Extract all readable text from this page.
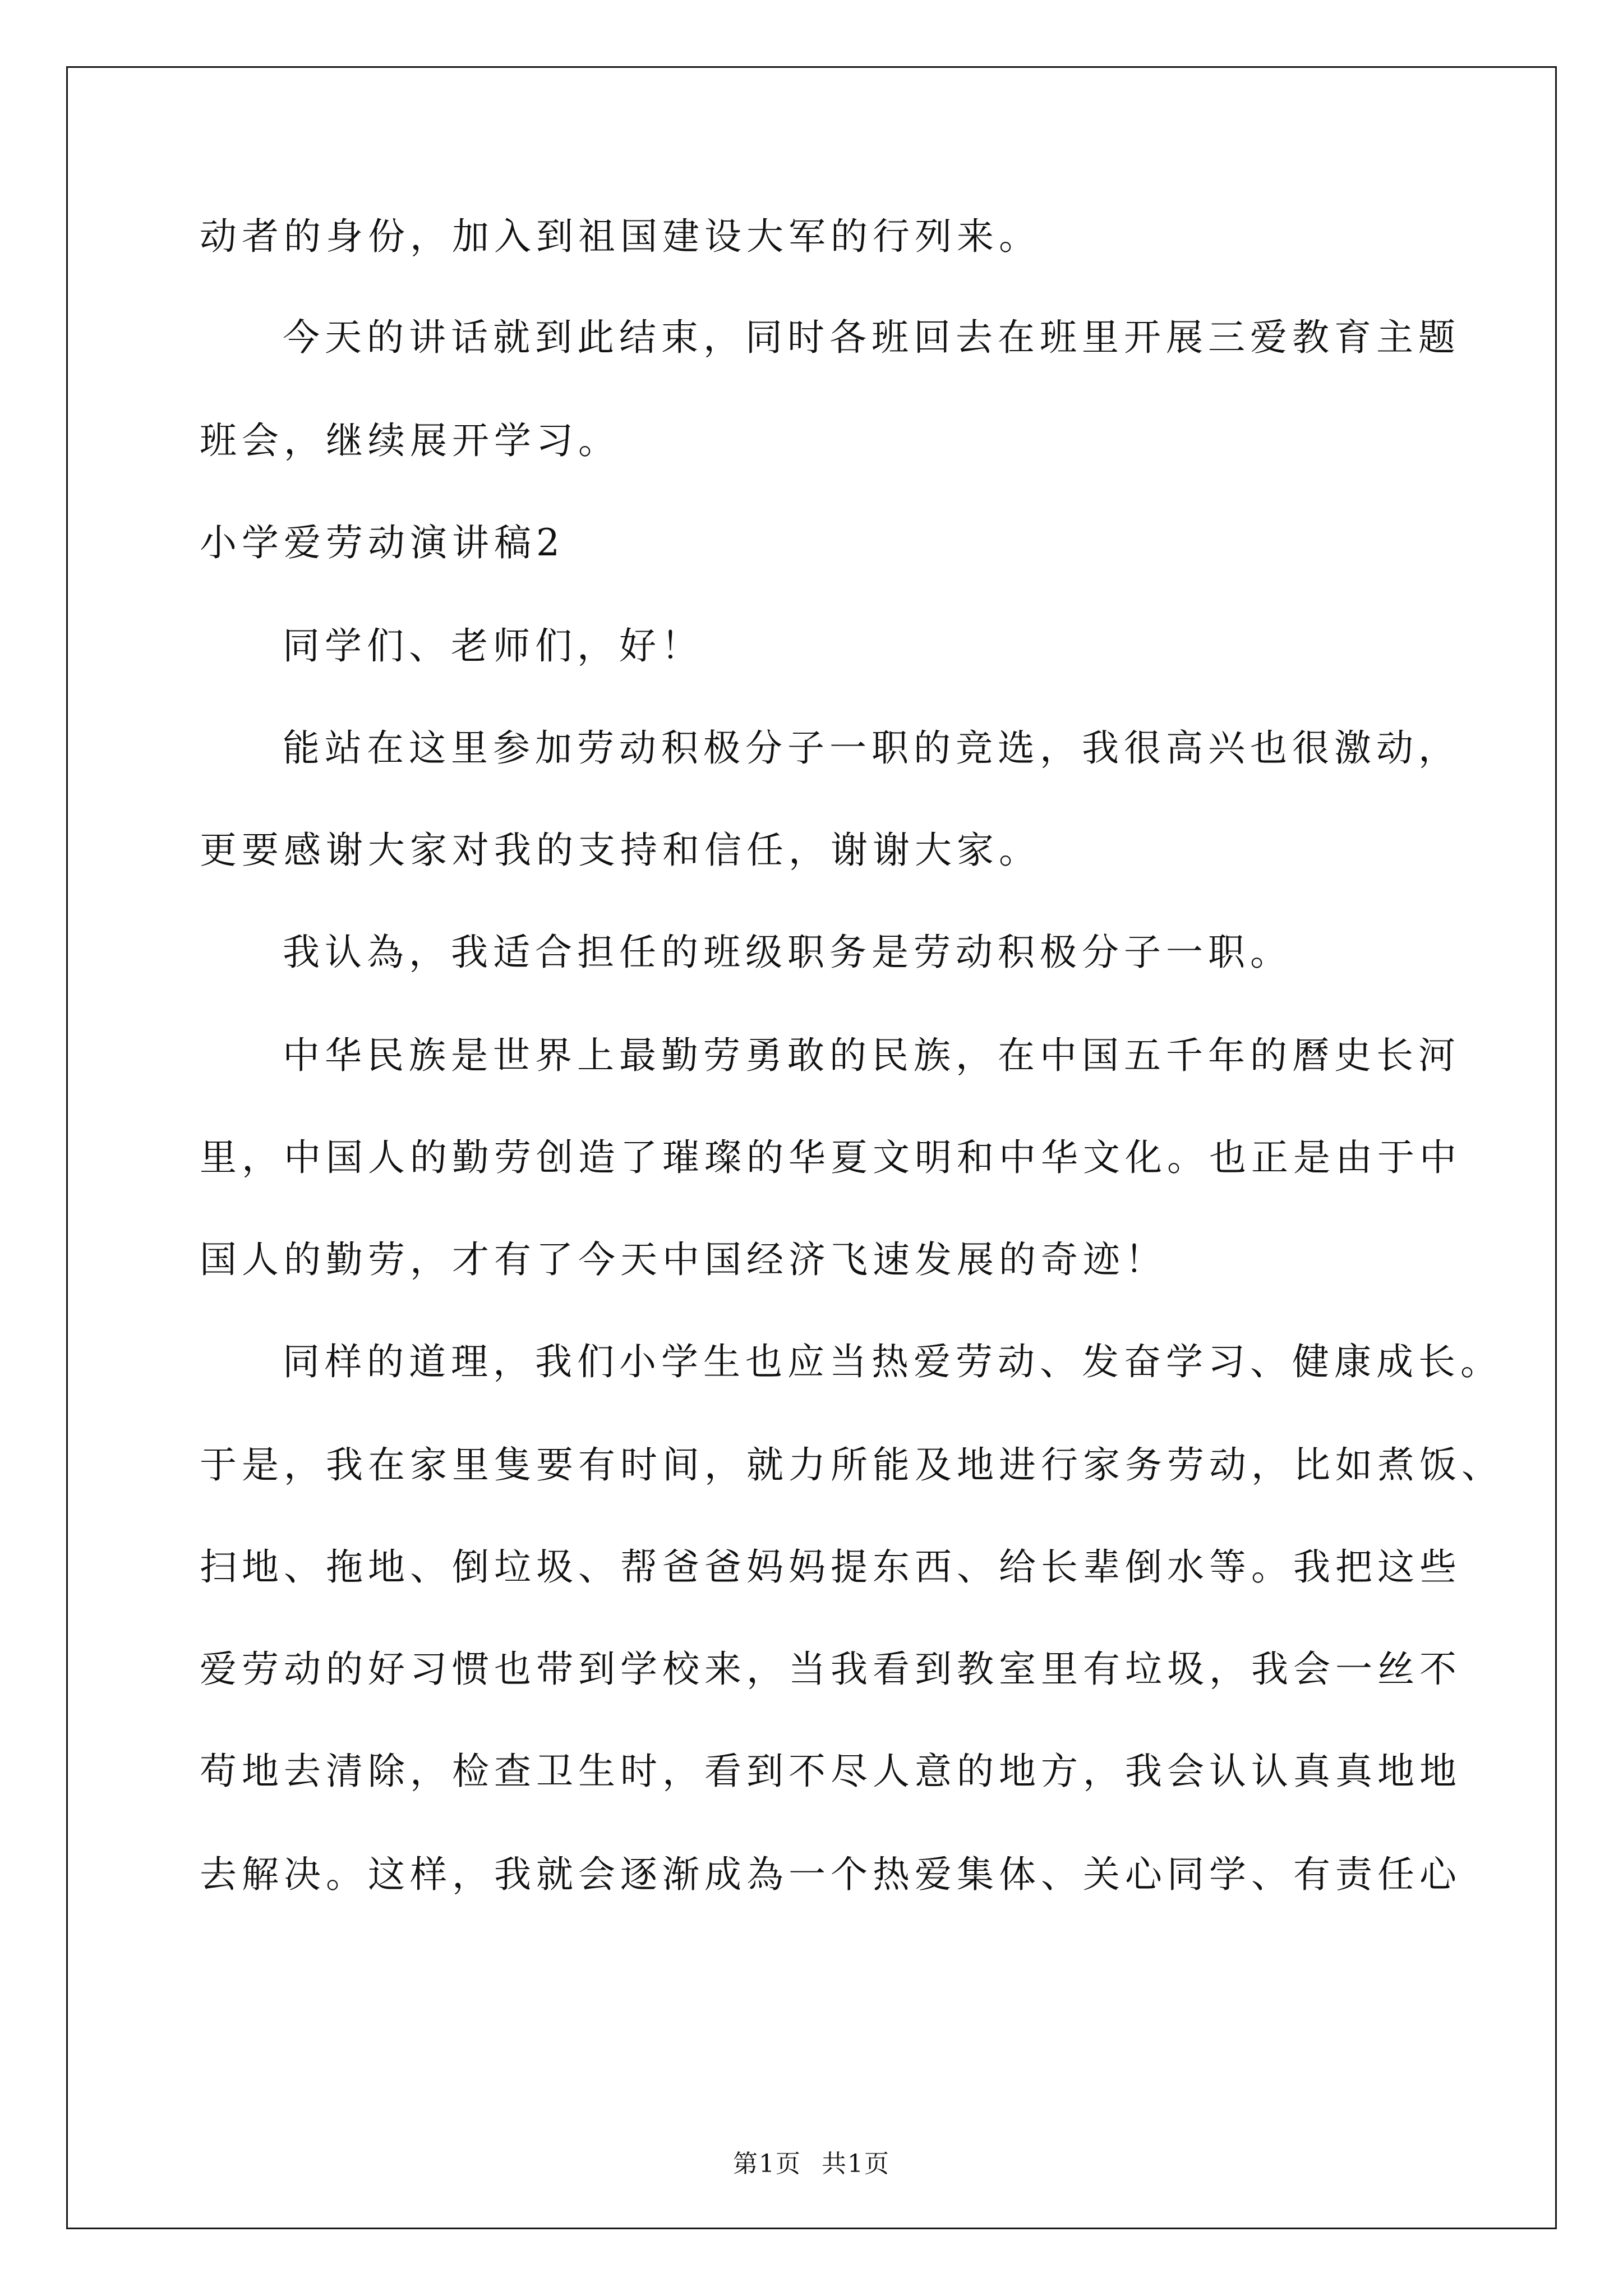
动者的身份，加入到祖国建设大军的行列来。
今天的讲话就到此结束，同时各班回去在班里开展三爱教育主题
班会，继续展开学习。
小学爱劳动演讲稿2
同学们、老师们，好！
能站在这里参加劳动积极分子一职的竞选，我很高兴也很激动，
更要感谢大家对我的支持和信任，谢谢大家。
我认為，我适合担任的班级职务是劳动积极分子一职。
中华民族是世界上最勤劳勇敢的民族，在中国五千年的曆史长河
里，中国人的勤劳创造了璀璨的华夏文明和中华文化。也正是由于中
国人的勤劳，才有了今天中国经济飞速发展的奇迹！
同样的道理，我们小学生也应当热爱劳动、发奋学习、健康成长。
于是，我在家里隻要有时间，就力所能及地进行家务劳动，比如煮饭、
扫地、拖地、倒垃圾、帮爸爸妈妈提东西、给长辈倒水等。我把这些
爱劳动的好习惯也带到学校来，当我看到教室里有垃圾，我会一丝不
苟地去清除，检查卫生时，看到不尽人意的地方，我会认认真真地地
去解决。这样，我就会逐渐成為一个热爱集体、关心同学、有责任心
第1页 共1页
